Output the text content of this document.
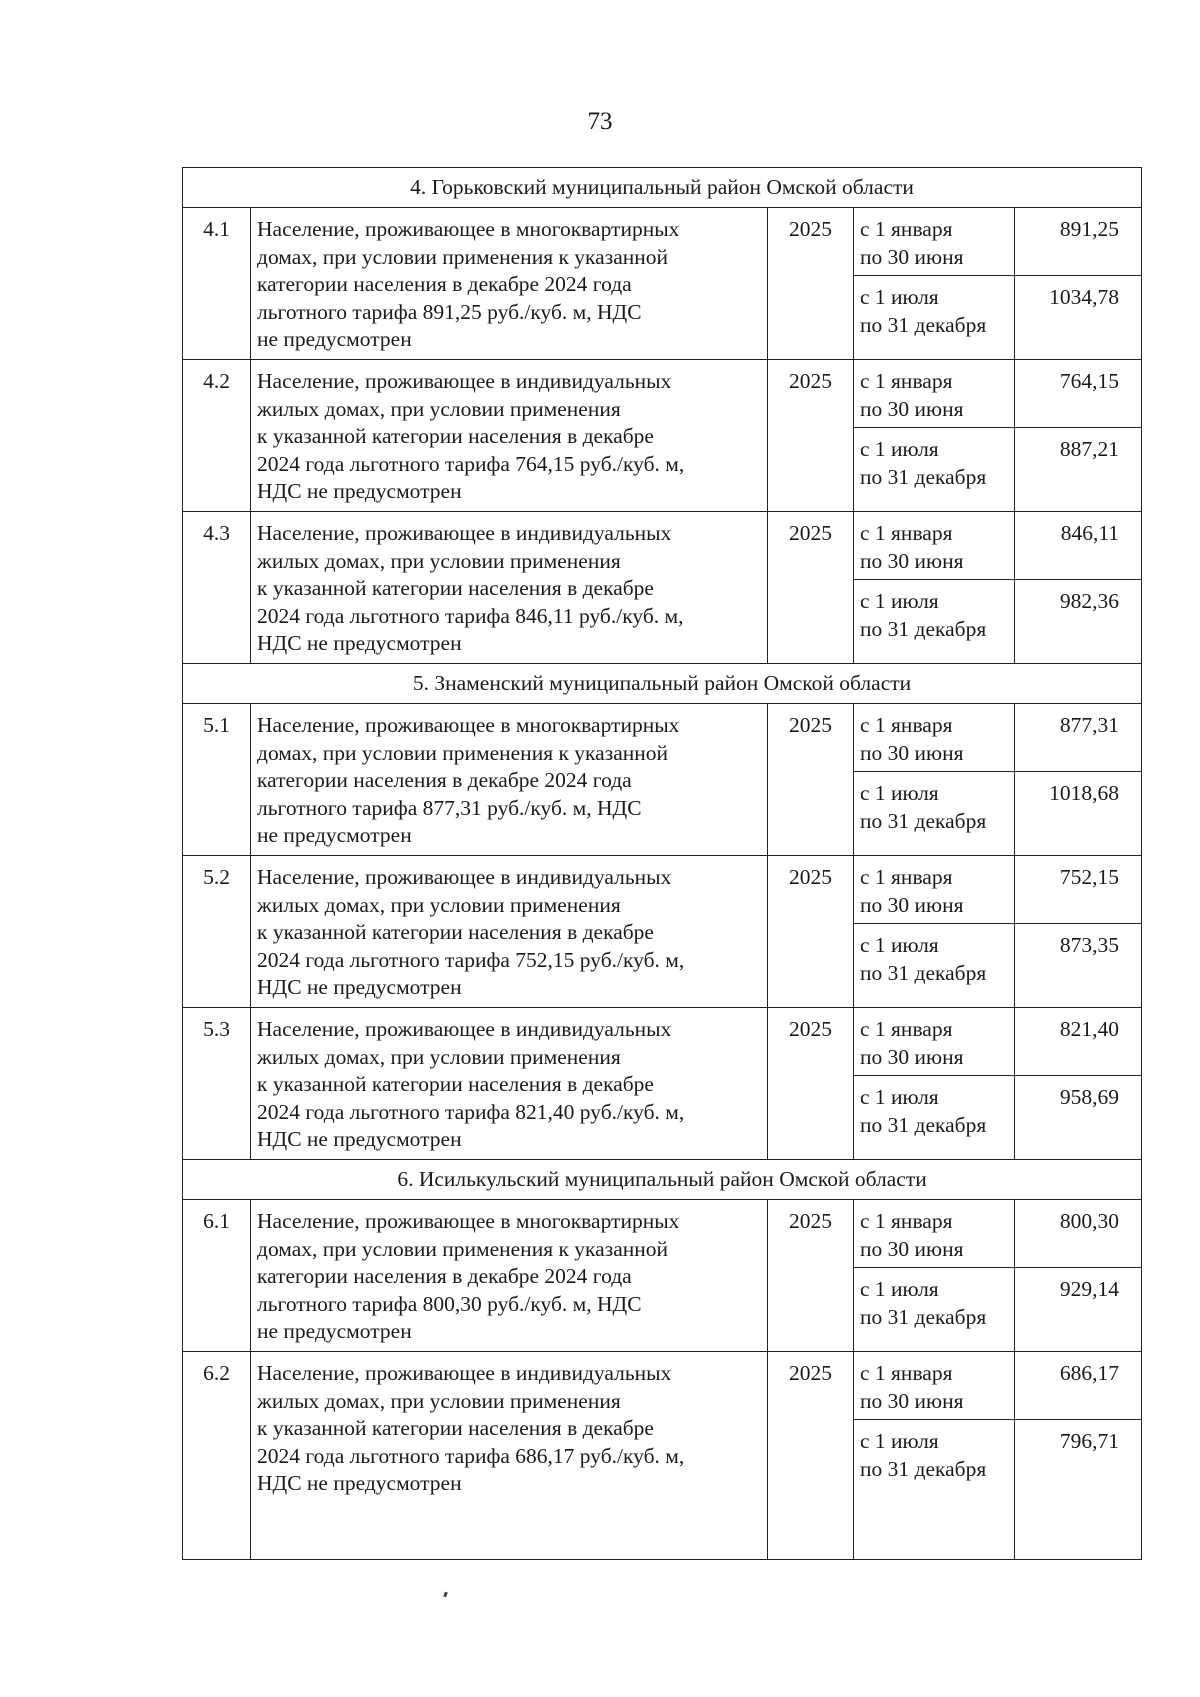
73
4. Горьковский муниципальный район Омской области				
4.1	Население, проживающее в многоквартирных
домах, при условии применения к указанной
категории населения в декабре 2024 года
льготного тарифа 891,25 руб./куб. м, НДС
не предусмотрен	2025	с 1 января
по 30 июня	891,25

			с 1 июля
по 31 декабря	1034,78
4.2	Население, проживающее в индивидуальных
жилых домах, при условии применения
к указанной категории населения в декабре
2024 года льготного тарифа 764,15 руб./куб. м,
НДС не предусмотрен	2025	с 1 января
по 30 июня	764,15

			с 1 июля
по 31 декабря	887,21
4.3	Население, проживающее в индивидуальных
жилых домах, при условии применения
к указанной категории населения в декабре
2024 года льготного тарифа 846,11 руб./куб. м,
НДС не предусмотрен	2025	с 1 января
по 30 июня	846,11

			с 1 июля
по 31 декабря	982,36
5. Знаменский муниципальный район Омской области				
5.1	Население, проживающее в многоквартирных
домах, при условии применения к указанной
категории населения в декабре 2024 года
льготного тарифа 877,31 руб./куб. м, НДС
не предусмотрен	2025	с 1 января
по 30 июня	877,31

			с 1 июля
по 31 декабря	1018,68
5.2	Население, проживающее в индивидуальных
жилых домах, при условии применения
к указанной категории населения в декабре
2024 года льготного тарифа 752,15 руб./куб. м,
НДС не предусмотрен	2025	с 1 января
по 30 июня	752,15

			с 1 июля
по 31 декабря	873,35
5.3	Население, проживающее в индивидуальных
жилых домах, при условии применения
к указанной категории населения в декабре
2024 года льготного тарифа 821,40 руб./куб. м,
НДС не предусмотрен	2025	с 1 января
по 30 июня	821,40

			с 1 июля
по 31 декабря	958,69
6. Исилькульский муниципальный район Омской области				
6.1	Население, проживающее в многоквартирных
домах, при условии применения к указанной
категории населения в декабре 2024 года
льготного тарифа 800,30 руб./куб. м, НДС
не предусмотрен	2025	с 1 января
по 30 июня	800,30

			с 1 июля
по 31 декабря	929,14
6.2	Население, проживающее в индивидуальных
жилых домах, при условии применения
к указанной категории населения в декабре
2024 года льготного тарифа 686,17 руб./куб. м,
НДС не предусмотрен	2025	с 1 января
по 30 июня	686,17

			с 1 июля
по 31 декабря	796,71
